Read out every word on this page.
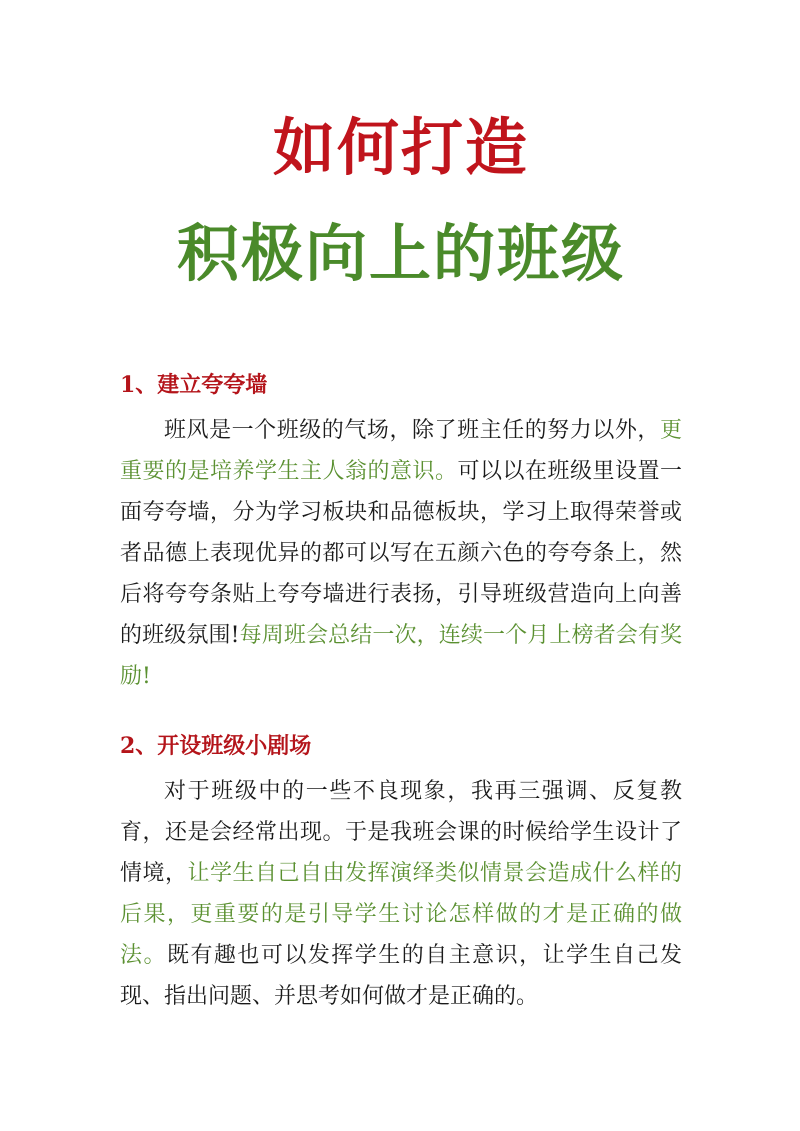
如何打造
积极向上的班级
1、建立夸夸墙

班风是一个班级的气场，除了班主任的努力以外，更重要的是培养学生主人翁的意识。可以以在班级里设置一面夸夸墙，分为学习板块和品德板块，学习上取得荣誉或者品德上表现优异的都可以写在五颜六色的夸夸条上，然后将夸夸条贴上夸夸墙进行表扬，引导班级营造向上向善的班级氛围!每周班会总结一次，连续一个月上榜者会有奖励!

2、开设班级小剧场

对于班级中的一些不良现象，我再三强调、反复教育，还是会经常出现。于是我班会课的时候给学生设计了情境，让学生自己自由发挥演绎类似情景会造成什么样的后果，更重要的是引导学生讨论怎样做的才是正确的做法。既有趣也可以发挥学生的自主意识，让学生自己发现、指出问题、并思考如何做才是正确的。
